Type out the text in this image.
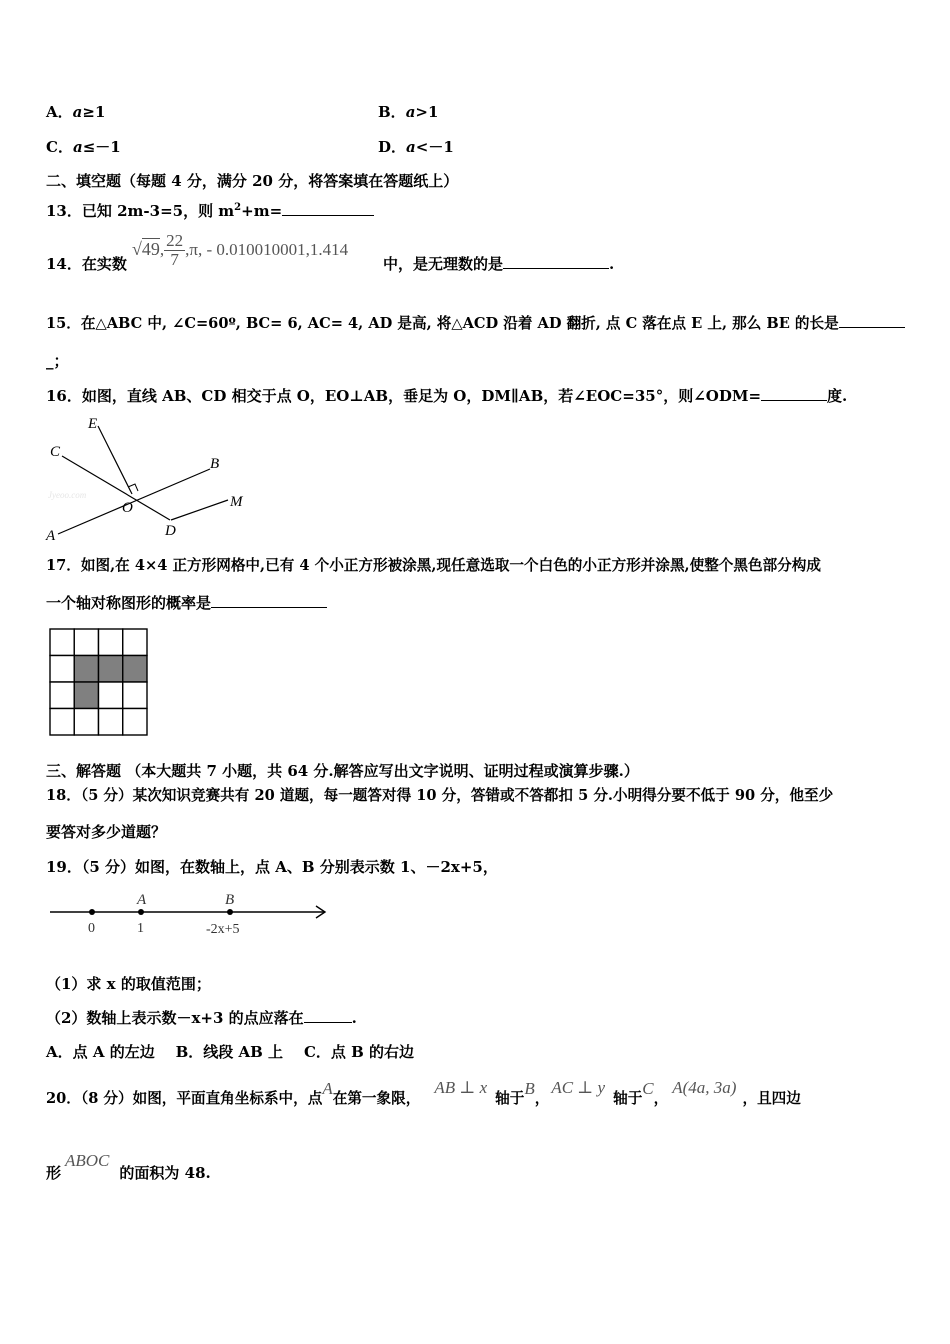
A．a≥1	B．a>1
C．a≤－1	D．a<－1
二、填空题（每题 4 分，满分 20 分，将答案填在答题纸上）
13．已知 2m-3=5，则 $m^2+m=$
14．在实数
√49, $\frac{22}{7} ,\pi$, - 0.010010001,1.414
中，是无理数的是	.
15．在△ABC 中, ∠C=60º, BC= 6, AC= 4, AD 是高, 将△ACD 沿着 AD 翻折, 点 C 落在点 E 上, 那么 BE 的长是
_；
16．如图，直线 AB、CD 相交于点 O，EO⊥AB，垂足为 O，DM∥AB，若∠EOC=35°，则∠ODM=	度.
Jyeoo.com
E
C
B
O	M
A	D
17．如图,在 4×4 正方形网格中,已有 4 个小正方形被涂黑,现任意选取一个白色的小正方形并涂黑,使整个黑色部分构成
一个轴对称图形的概率是
三、解答题 （本大题共 7 小题，共 64 分.解答应写出文字说明、证明过程或演算步骤.）
18．（5 分）某次知识竞赛共有 20 道题，每一题答对得 10 分，答错或不答都扣 5 分.小明得分要不低于 90 分，他至少
要答对多少道题？
19．（5 分）如图，在数轴上，点 A、B 分别表示数 1、－2x+5，
A	B
0	1	-2x+5
（1）求 x 的取值范围；
（2）数轴上表示数－x+3 的点应落在	.
A．点 A 的左边    B．线段 AB 上    C．点 B 的右边
20．（8 分）如图，平面直角坐标系中，点A在第一象限，AB ⊥ x轴于B，AC ⊥ y轴于C，A(4a, 3a)，且四边
形ABOC的面积为 48.
